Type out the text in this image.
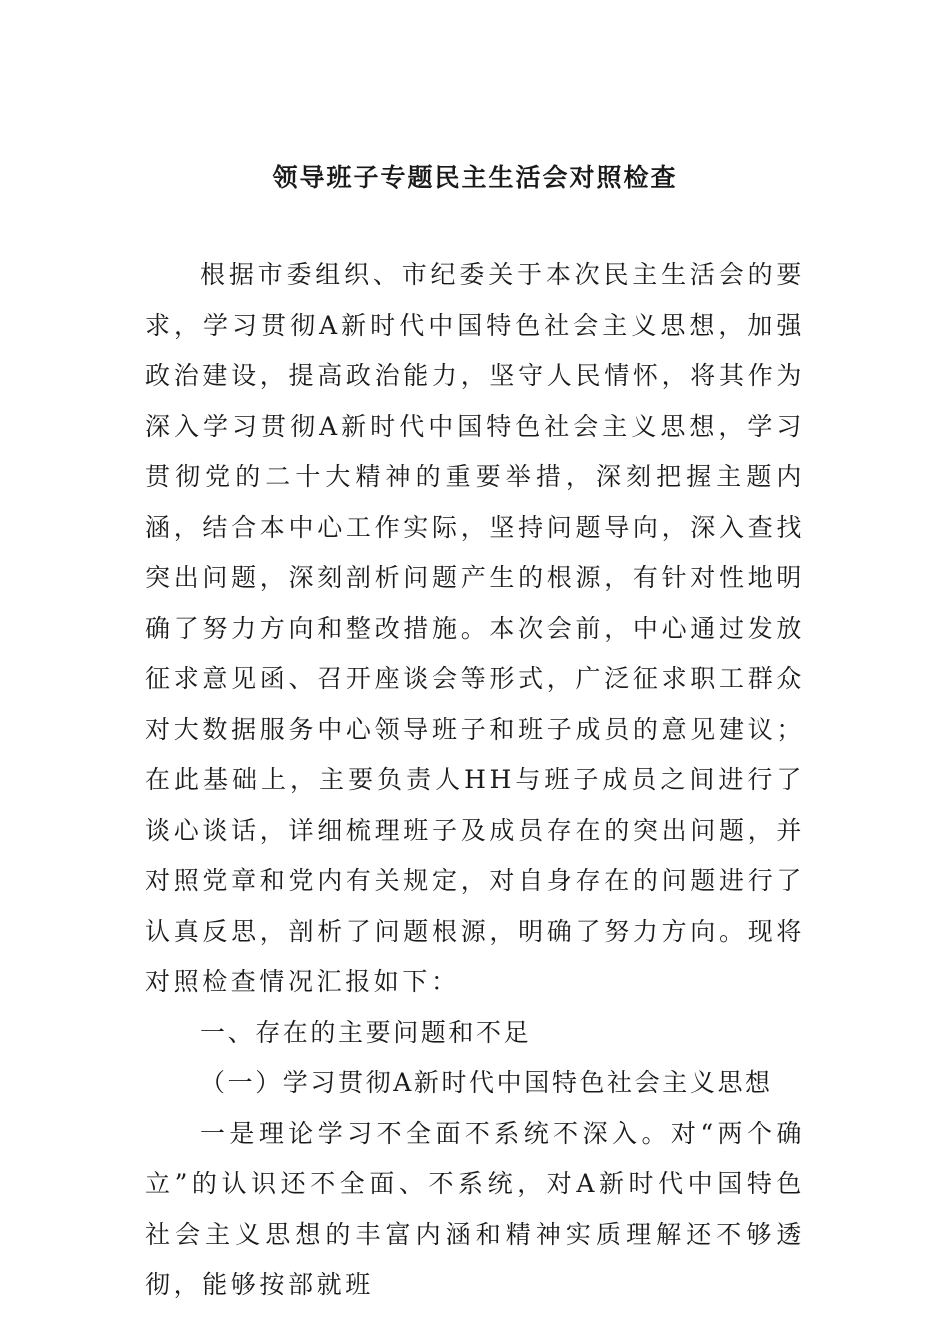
领导班子专题民主生活会对照检查

根据市委组织、市纪委关于本次民主生活会的要求，学习贯彻A新时代中国特色社会主义思想，加强政治建设，提高政治能力，坚守人民情怀，将其作为深入学习贯彻A新时代中国特色社会主义思想，学习贯彻党的二十大精神的重要举措，深刻把握主题内涵，结合本中心工作实际，坚持问题导向，深入查找突出问题，深刻剖析问题产生的根源，有针对性地明确了努力方向和整改措施。本次会前，中心通过发放征求意见函、召开座谈会等形式，广泛征求职工群众对大数据服务中心领导班子和班子成员的意见建议；在此基础上，主要负责人HH与班子成员之间进行了谈心谈话，详细梳理班子及成员存在的突出问题，并对照党章和党内有关规定，对自身存在的问题进行了认真反思，剖析了问题根源，明确了努力方向。现将对照检查情况汇报如下：

一、存在的主要问题和不足

（一）学习贯彻A新时代中国特色社会主义思想

一是理论学习不全面不系统不深入。对“两个确立”的认识还不全面、不系统，对A新时代中国特色社会主义思想的丰富内涵和精神实质理解还不够透彻，能够按部就班
